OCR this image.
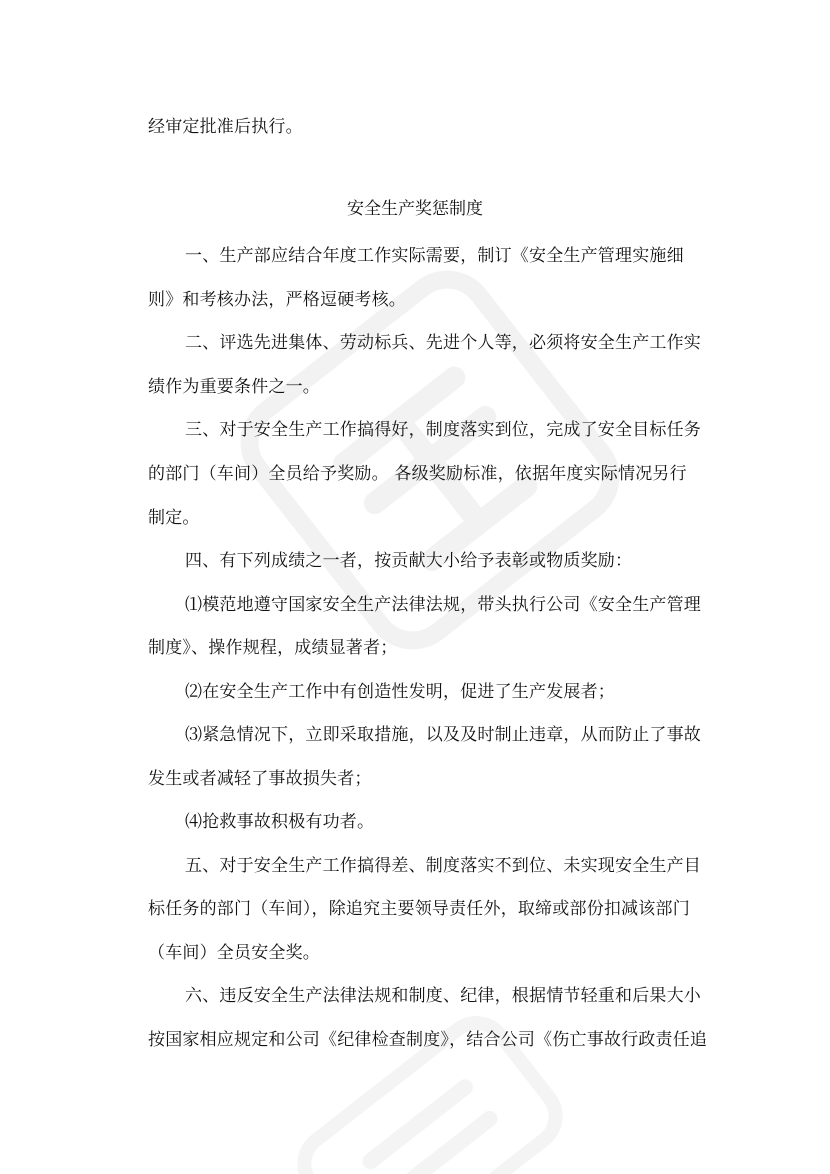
经审定批准后执行。
安全生产奖惩制度
一、生产部应结合年度工作实际需要，制订《安全生产管理实施细
则》和考核办法，严格逗硬考核。
二、评选先进集体、劳动标兵、先进个人等，必须将安全生产工作实
绩作为重要条件之一。
三、对于安全生产工作搞得好，制度落实到位，完成了安全目标任务
的部门（车间）全员给予奖励。 各级奖励标准，依据年度实际情况另行
制定。
四、有下列成绩之一者，按贡献大小给予表彰或物质奖励：
⑴模范地遵守国家安全生产法律法规，带头执行公司《安全生产管理
制度》、操作规程，成绩显著者；
⑵在安全生产工作中有创造性发明，促进了生产发展者；
⑶紧急情况下，立即采取措施，以及及时制止违章，从而防止了事故
发生或者减轻了事故损失者；
⑷抢救事故积极有功者。
五、对于安全生产工作搞得差、制度落实不到位、未实现安全生产目
标任务的部门（车间），除追究主要领导责任外，取缔或部份扣减该部门
（车间）全员安全奖。
六、违反安全生产法律法规和制度、纪律，根据情节轻重和后果大小
按国家相应规定和公司《纪律检查制度》，结合公司《伤亡事故行政责任追
